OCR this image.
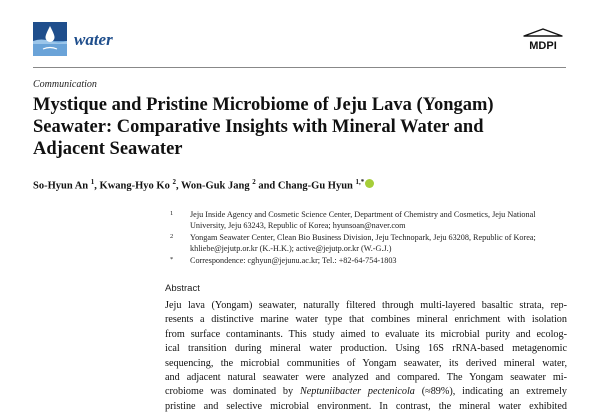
water	MDPI
Communication
Mystique and Pristine Microbiome of Jeju Lava (Yongam) Seawater: Comparative Insights with Mineral Water and Adjacent Seawater
So-Hyun An $^1$, Kwang-Hyo Ko $^2$, Won-Guk Jang $^2$ and Chang-Gu Hyun $^{1,*}$
1 Jeju Inside Agency and Cosmetic Science Center, Department of Chemistry and Cosmetics, Jeju National
University, Jeju 63243, Republic of Korea; hyunsoan@naver.com
2 Yongam Seawater Center, Clean Bio Business Division, Jeju Technopark, Jeju 63208, Republic of Korea;
khliebe@jejutp.or.kr (K.-H.K.); active@jejutp.or.kr (W.-G.J.)
* Correspondence: cghyun@jejunu.ac.kr; Tel.: +82-64-754-1803
Abstract

Jeju lava (Yongam) seawater, naturally filtered through multi-layered basaltic strata, rep-
resents a distinctive marine water type that combines mineral enrichment with isolation
from surface contaminants. This study aimed to evaluate its microbial purity and ecolog-
ical transition during mineral water production. Using 16S rRNA-based metagenomic
sequencing, the microbial communities of Yongam seawater, its derived mineral water,
and adjacent natural seawater were analyzed and compared. The Yongam seawater mi-
crobiome was dominated by Neptuniibacter pectenicola (≈89%), indicating an extremely
pristine and selective microbial environment. In contrast, the mineral water exhibited
